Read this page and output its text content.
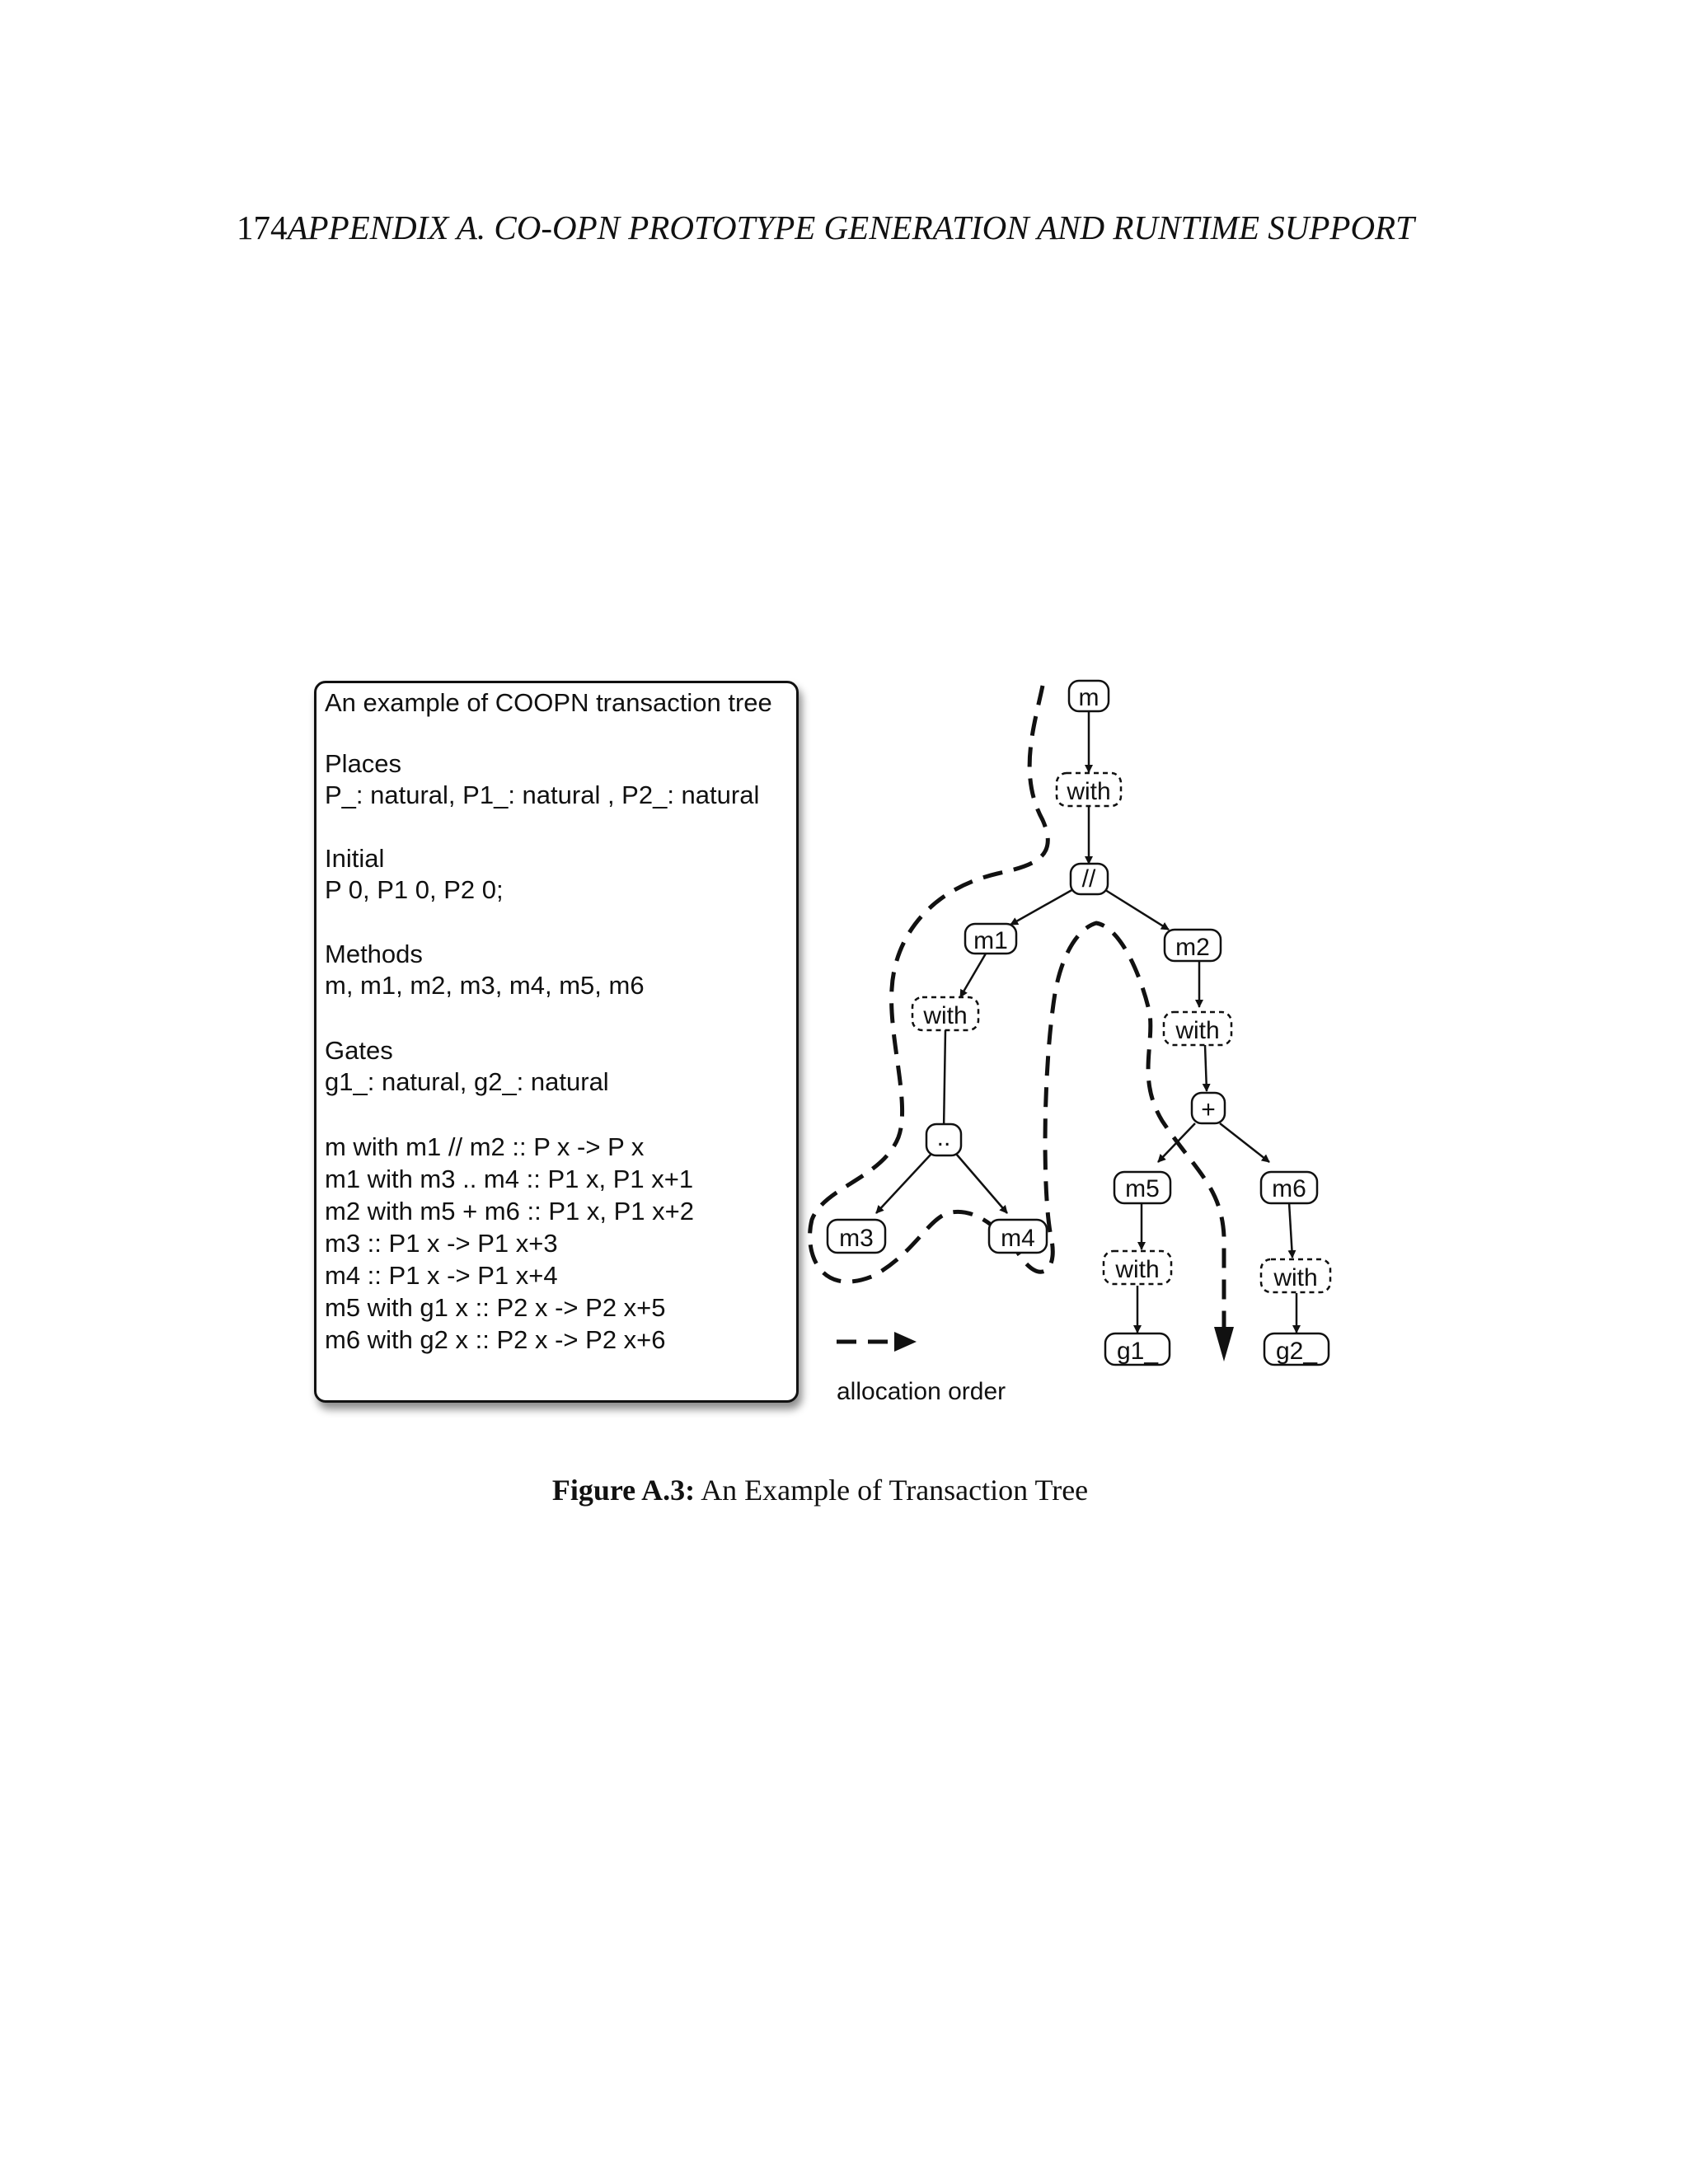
174APPENDIX A. CO-OPN PROTOTYPE GENERATION AND RUNTIME SUPPORT
An example of COOPN transaction tree
Places
P_: natural, P1_: natural , P2_: natural
Initial
P 0, P1 0, P2 0;
Methods
m, m1, m2, m3, m4, m5, m6
Gates
g1_: natural, g2_: natural
m with m1 // m2 :: P x -> P x
m1 with m3 .. m4 :: P1 x, P1 x+1
m2 with m5 + m6 :: P1 x, P1 x+2
m3 :: P1 x -> P1 x+3
m4 :: P1 x -> P1 x+4
m5 with g1 x :: P2 x -> P2 x+5
m6 with g2 x :: P2 x -> P2 x+6
allocation order
m
with
//
m1	m2
with
with
..
+
m3	m4
m5	m6
with	with
g1_	g2_
Figure A.3: An Example of Transaction Tree
